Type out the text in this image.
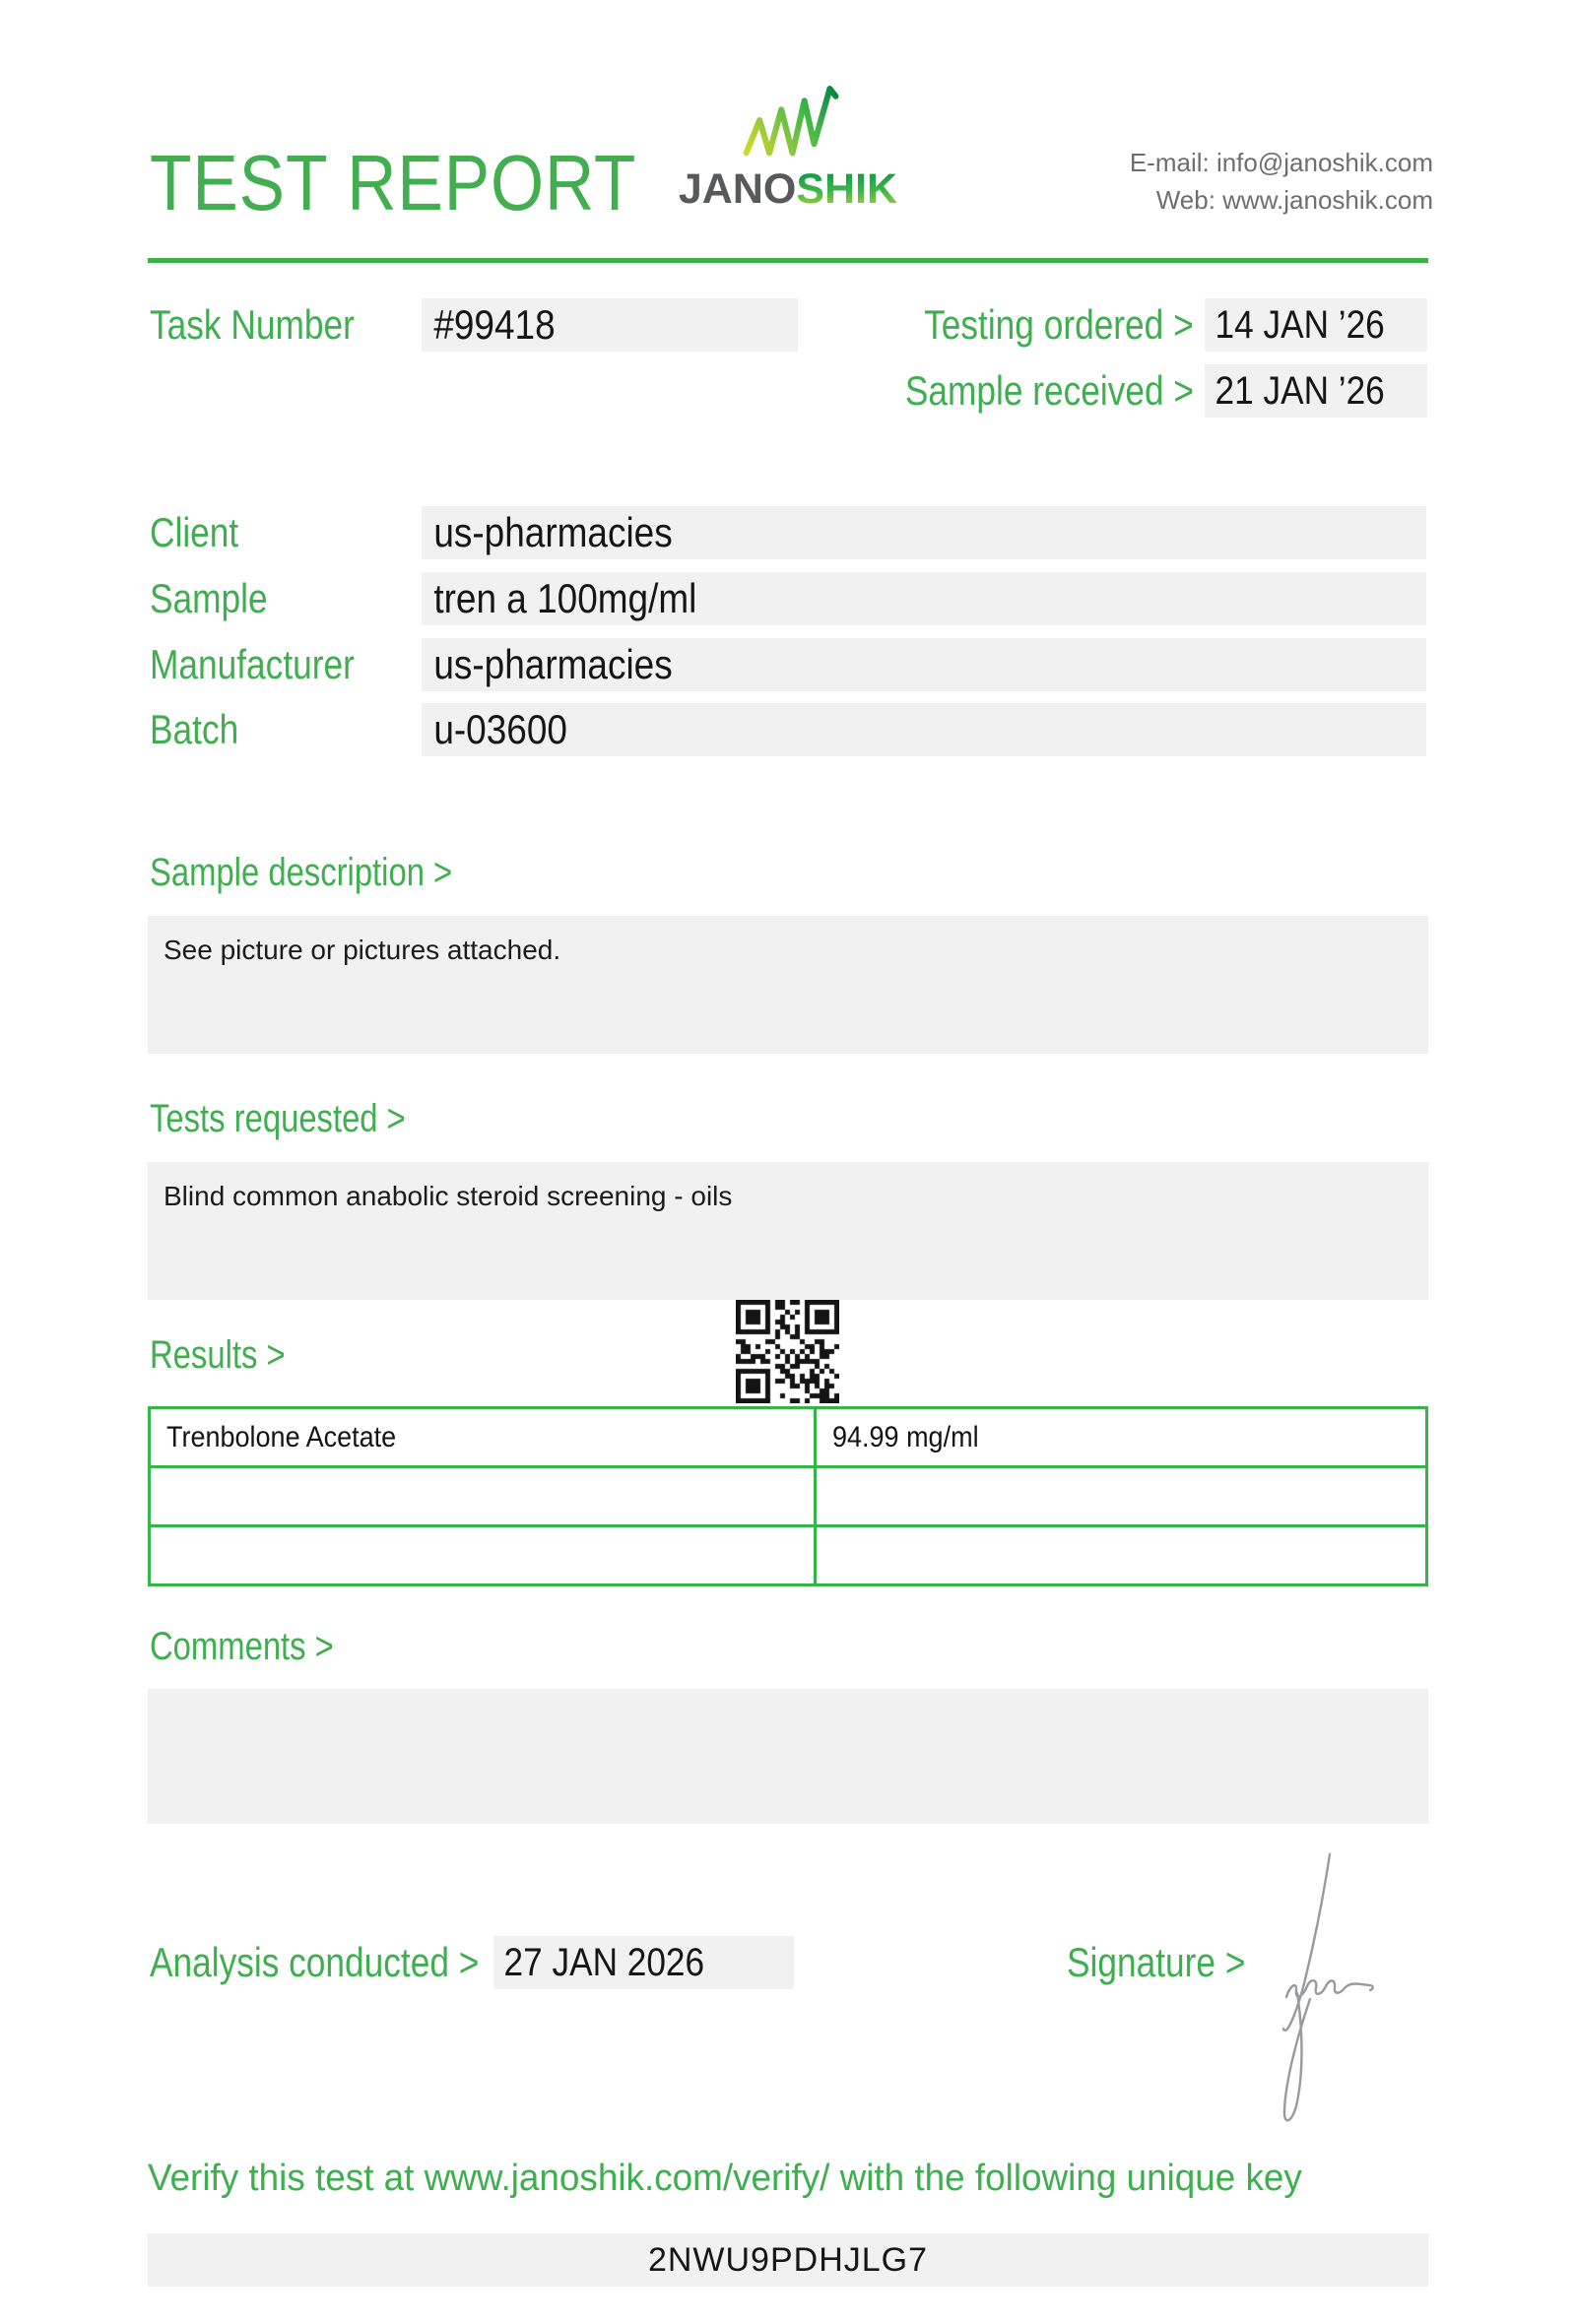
TEST REPORT JANOSHIK
E-mail: info@janoshik.com
Web: www.janoshik.com
Task Number	#99418	Testing ordered > 14 JAN ’26
Sample received > 21 JAN ’26
Client	us-pharmacies
Sample	tren a 100mg/ml
Manufacturer	us-pharmacies
Batch	u-03600
Sample description >
See picture or pictures attached.
Tests requested >
Blind common anabolic steroid screening - oils
Results >
Trenbolone Acetate	94.99 mg/ml

Comments >
Analysis conducted > 27 JAN 2026	Signature >
Verify this test at www.janoshik.com/verify/ with the following unique key
2NWU9PDHJLG7
